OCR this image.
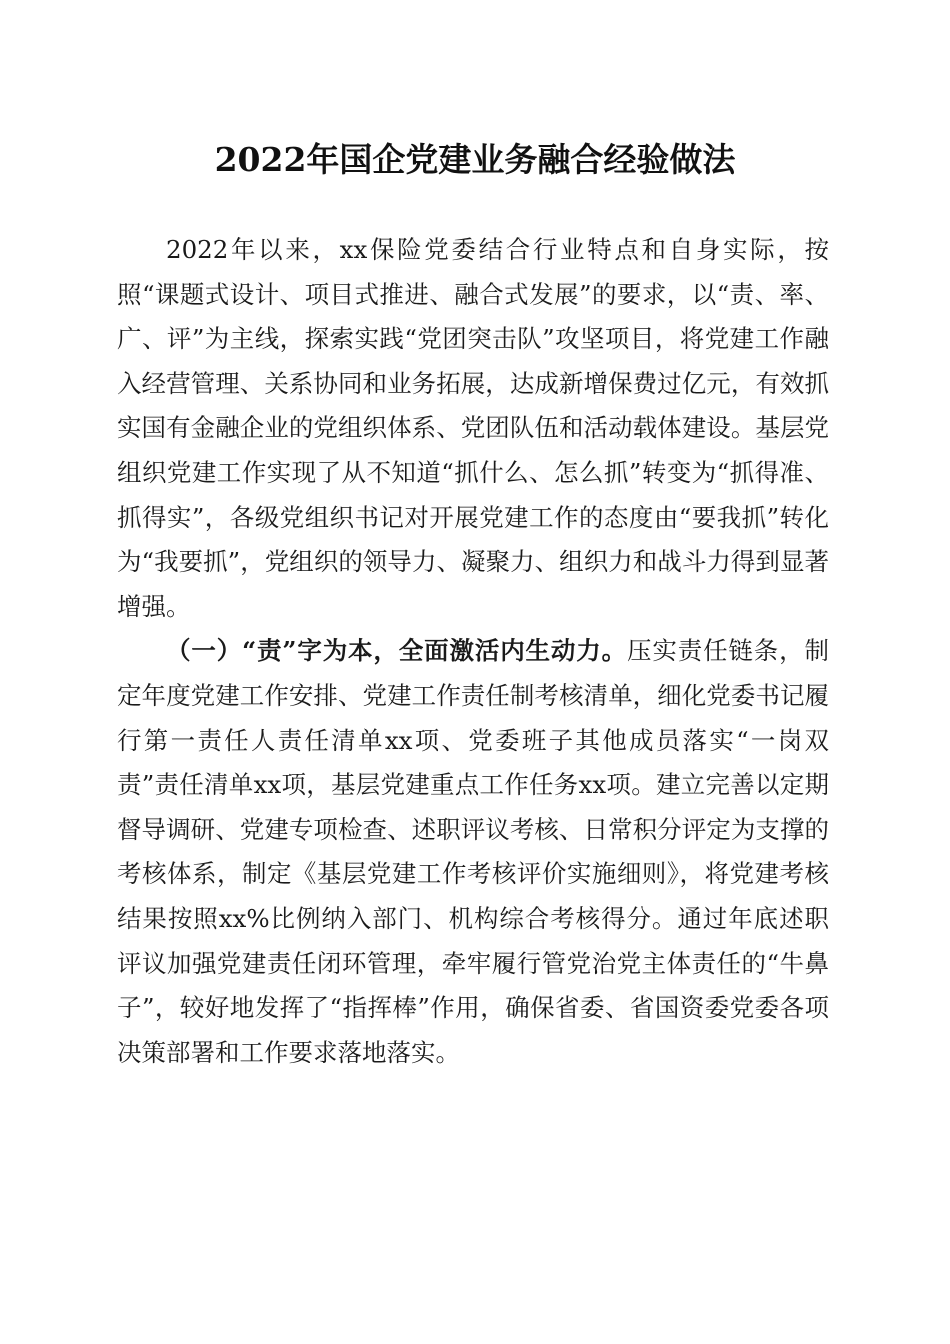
2022年国企党建业务融合经验做法

2022年以来，xx保险党委结合行业特点和自身实际，按照“课题式设计、项目式推进、融合式发展”的要求，以“责、率、广、评”为主线，探索实践“党团突击队”攻坚项目，将党建工作融入经营管理、关系协同和业务拓展，达成新增保费过亿元，有效抓实国有金融企业的党组织体系、党团队伍和活动载体建设。基层党组织党建工作实现了从不知道“抓什么、怎么抓”转变为“抓得准、抓得实”，各级党组织书记对开展党建工作的态度由“要我抓”转化为“我要抓”，党组织的领导力、凝聚力、组织力和战斗力得到显著增强。

（一）“责”字为本，全面激活内生动力。压实责任链条，制定年度党建工作安排、党建工作责任制考核清单，细化党委书记履行第一责任人责任清单xx项、党委班子其他成员落实“一岗双责”责任清单xx项，基层党建重点工作任务xx项。建立完善以定期督导调研、党建专项检查、述职评议考核、日常积分评定为支撑的考核体系，制定《基层党建工作考核评价实施细则》，将党建考核结果按照xx%比例纳入部门、机构综合考核得分。通过年底述职评议加强党建责任闭环管理，牵牢履行管党治党主体责任的“牛鼻子”，较好地发挥了“指挥棒”作用，确保省委、省国资委党委各项决策部署和工作要求落地落实。
